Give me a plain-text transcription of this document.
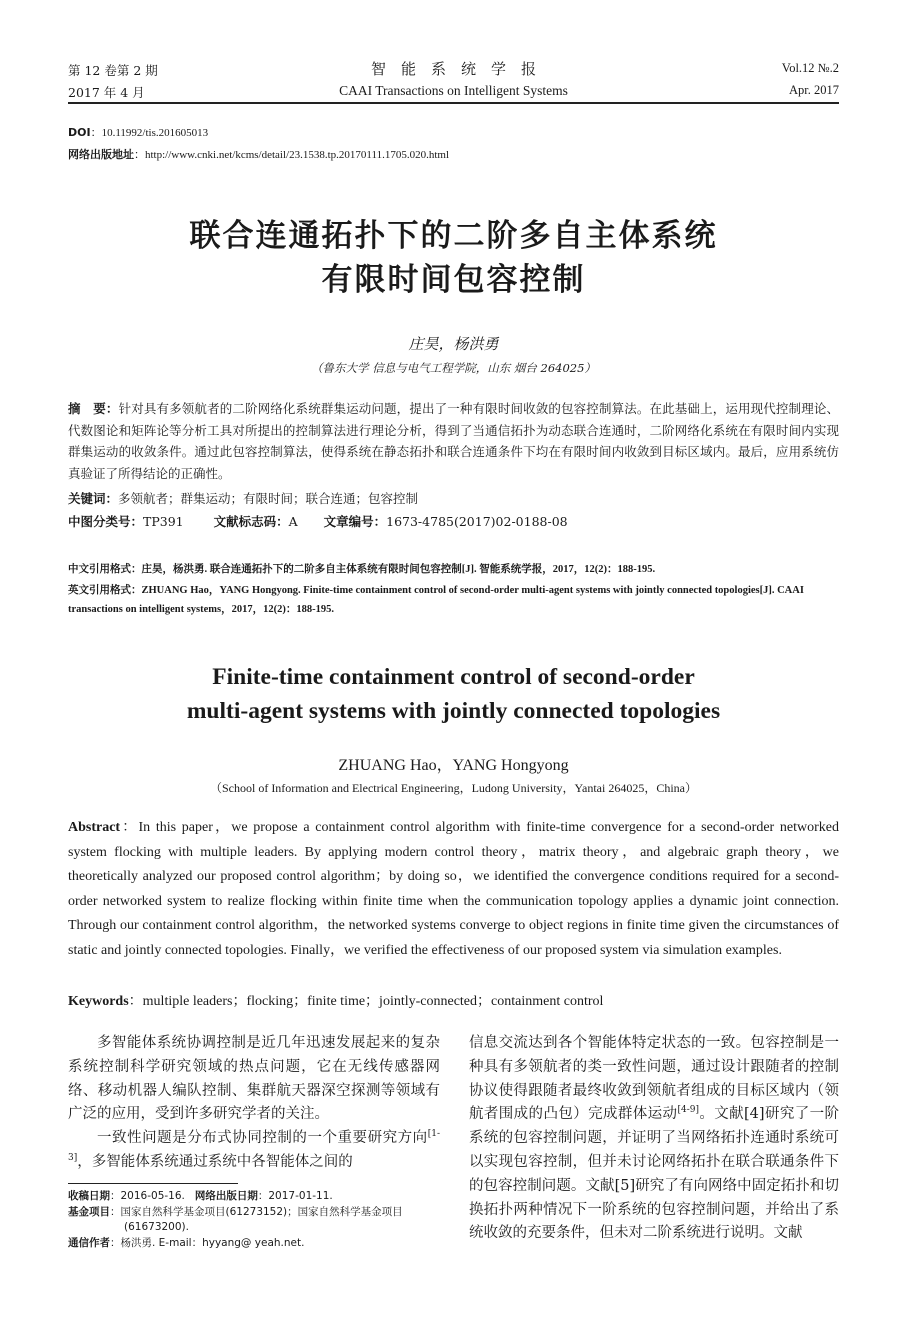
第 12 卷第 2 期
2017 年 4 月
智　能　系　统　学　报
CAAI Transactions on Intelligent Systems
Vol.12 №.2
Apr. 2017
DOI：10.11992/tis.201605013
网络出版地址：http://www.cnki.net/kcms/detail/23.1538.tp.20170111.1705.020.html
联合连通拓扑下的二阶多自主体系统
有限时间包容控制
庄昊，杨洪勇
（鲁东大学 信息与电气工程学院，山东 烟台 264025）
摘　要：针对具有多领航者的二阶网络化系统群集运动问题，提出了一种有限时间收敛的包容控制算法。在此基础上，运用现代控制理论、代数图论和矩阵论等分析工具对所提出的控制算法进行理论分析，得到了当通信拓扑为动态联合连通时，二阶网络化系统在有限时间内实现群集运动的收敛条件。通过此包容控制算法，使得系统在静态拓扑和联合连通条件下均在有限时间内收敛到目标区域内。最后，应用系统仿真验证了所得结论的正确性。
关键词：多领航者；群集运动；有限时间；联合连通；包容控制
中图分类号：TP391 文献标志码：A 文章编号：1673-4785(2017)02-0188-08
中文引用格式：庄昊，杨洪勇. 联合连通拓扑下的二阶多自主体系统有限时间包容控制[J]. 智能系统学报，2017，12(2)：188-195.
英文引用格式：ZHUANG Hao，YANG Hongyong. Finite-time containment control of second-order multi-agent systems with jointly connected topologies[J]. CAAI transactions on intelligent systems，2017，12(2)：188-195.
Finite-time containment control of second-order
multi-agent systems with jointly connected topologies
ZHUANG Hao，YANG Hongyong
（School of Information and Electrical Engineering，Ludong University，Yantai 264025，China）
Abstract：In this paper，we propose a containment control algorithm with finite-time convergence for a second-order networked system flocking with multiple leaders. By applying modern control theory，matrix theory，and algebraic graph theory，we theoretically analyzed our proposed control algorithm；by doing so，we identified the convergence conditions required for a second-order networked system to realize flocking within finite time when the communication topology applies a dynamic joint connection. Through our containment control algorithm，the networked systems converge to object regions in finite time given the circumstances of static and jointly connected topologies. Finally，we verified the effectiveness of our proposed system via simulation examples.
Keywords：multiple leaders；flocking；finite time；jointly-connected；containment control

多智能体系统协调控制是近几年迅速发展起来的复杂系统控制科学研究领域的热点问题，它在无线传感器网络、移动机器人编队控制、集群航天器深空探测等领域有广泛的应用，受到许多研究学者的关注。

一致性问题是分布式协同控制的一个重要研究方向[1-3]，多智能体系统通过系统中各智能体之间的

收稿日期：2016-05-16. 网络出版日期：2017-01-11.
基金项目：国家自然科学基金项目(61273152)；国家自然科学基金项目
(61673200).
通信作者：杨洪勇. E-mail：hyyang@ yeah.net.
信息交流达到各个智能体特定状态的一致。包容控制是一种具有多领航者的类一致性问题，通过设计跟随者的控制协议使得跟随者最终收敛到领航者组成的目标区域内（领航者围成的凸包）完成群体运动[4-9]。文献[4]研究了一阶系统的包容控制问题，并证明了当网络拓扑连通时系统可以实现包容控制，但并未讨论网络拓扑在联合联通条件下的包容控制问题。文献[5]研究了有向网络中固定拓扑和切换拓扑两种情况下一阶系统的包容控制问题，并给出了系统收敛的充要条件，但未对二阶系统进行说明。文献
